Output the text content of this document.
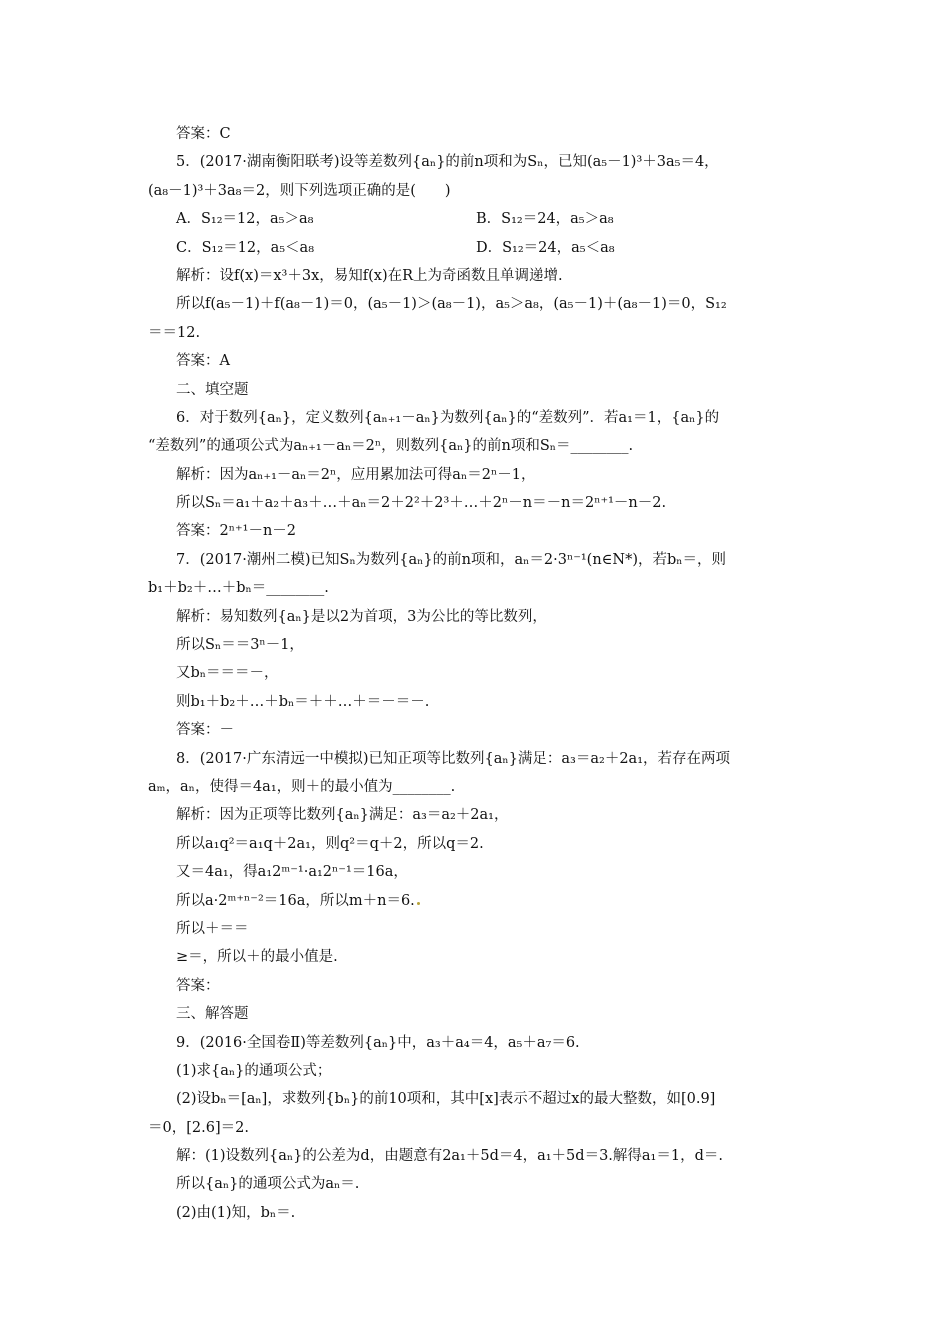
答案：C
5．(2017·湖南衡阳联考)设等差数列{aₙ}的前n项和为Sₙ，已知(a₅－1)³＋3a₅＝4，
(a₈－1)³＋3a₈＝2，则下列选项正确的是(　　)
A．S₁₂＝12，a₅＞a₈	B．S₁₂＝24，a₅＞a₈
C．S₁₂＝12，a₅＜a₈	D．S₁₂＝24，a₅＜a₈
解析：设f(x)＝x³＋3x，易知f(x)在R上为奇函数且单调递增.
所以f(a₅－1)＋f(a₈－1)＝0，(a₅－1)＞(a₈－1)，a₅＞a₈，(a₅－1)＋(a₈－1)＝0，S₁₂
＝＝12.
答案：A
二、填空题
6．对于数列{aₙ}，定义数列{aₙ₊₁－aₙ}为数列{aₙ}的“差数列”．若a₁＝1，{aₙ}的
“差数列”的通项公式为aₙ₊₁－aₙ＝2ⁿ，则数列{aₙ}的前n项和Sₙ＝________.
解析：因为aₙ₊₁－aₙ＝2ⁿ，应用累加法可得aₙ＝2ⁿ－1，
所以Sₙ＝a₁＋a₂＋a₃＋…＋aₙ＝2＋2²＋2³＋…＋2ⁿ－n＝－n＝2ⁿ⁺¹－n－2.
答案：2ⁿ⁺¹－n－2
7．(2017·潮州二模)已知Sₙ为数列{aₙ}的前n项和，aₙ＝2·3ⁿ⁻¹(n∈N*)，若bₙ＝，则
b₁＋b₂＋…＋bₙ＝________.
解析：易知数列{aₙ}是以2为首项，3为公比的等比数列，
所以Sₙ＝＝3ⁿ－1，
又bₙ＝＝＝－，
则b₁＋b₂＋…＋bₙ＝＋＋…＋＝－＝－.
答案：－
8．(2017·广东清远一中模拟)已知正项等比数列{aₙ}满足：a₃＝a₂＋2a₁，若存在两项
aₘ，aₙ，使得＝4a₁，则＋的最小值为________.
解析：因为正项等比数列{aₙ}满足：a₃＝a₂＋2a₁，
所以a₁q²＝a₁q＋2a₁，则q²＝q＋2，所以q＝2.
又＝4a₁，得a₁2ᵐ⁻¹·a₁2ⁿ⁻¹＝16a，
所以a·2ᵐ⁺ⁿ⁻²＝16a，所以m＋n＝6.
所以＋＝＝
≥＝，所以＋的最小值是.
答案：
三、解答题
9．(2016·全国卷Ⅱ)等差数列{aₙ}中，a₃＋a₄＝4，a₅＋a₇＝6.
(1)求{aₙ}的通项公式；
(2)设bₙ＝[aₙ]，求数列{bₙ}的前10项和，其中[x]表示不超过x的最大整数，如[0.9]
＝0，[2.6]＝2.
解：(1)设数列{aₙ}的公差为d，由题意有2a₁＋5d＝4，a₁＋5d＝3.解得a₁＝1，d＝.
所以{aₙ}的通项公式为aₙ＝.
(2)由(1)知，bₙ＝.
